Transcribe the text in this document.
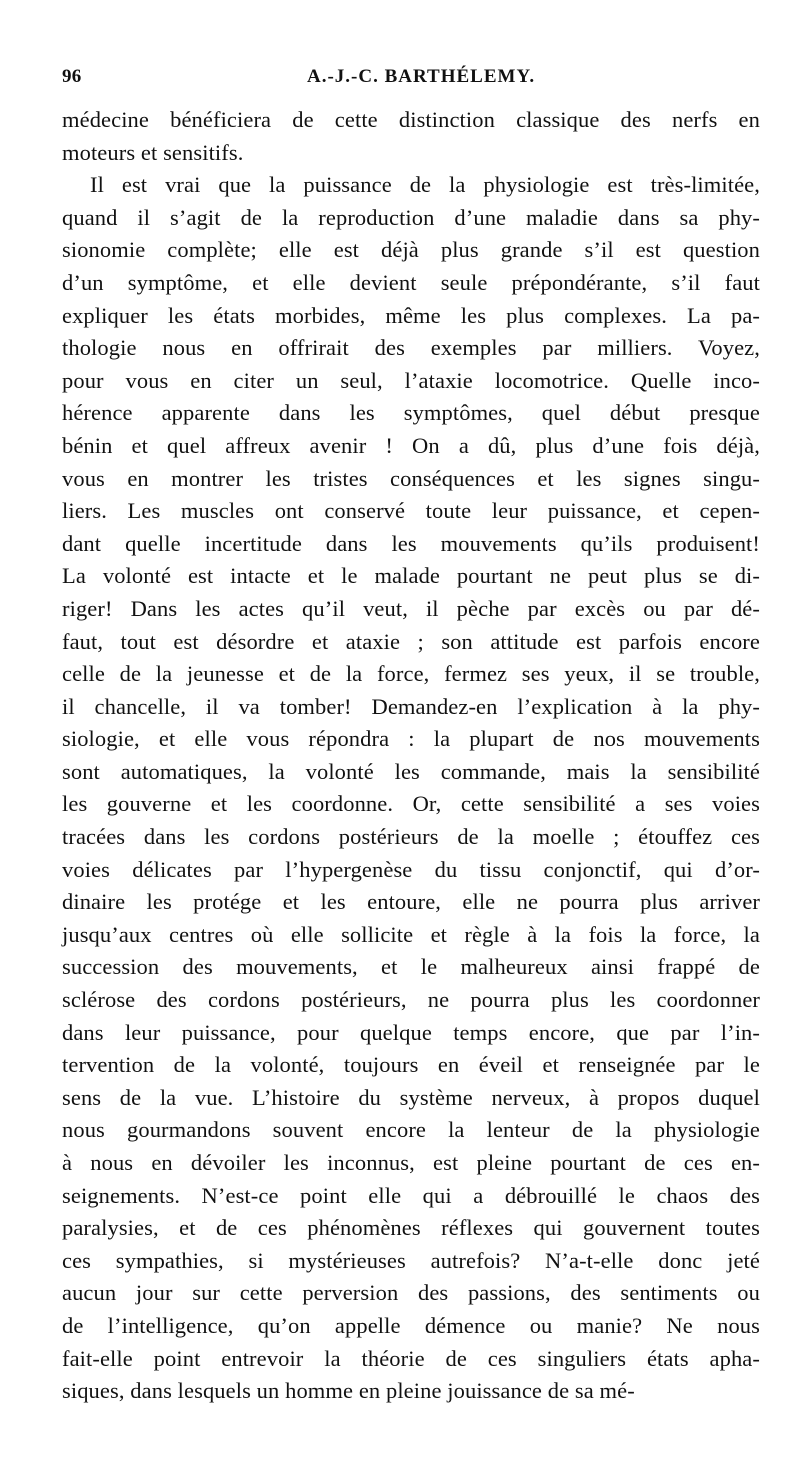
96	A.-J.-C. BARTHÉLEMY.
médecine bénéficiera de cette distinction classique des nerfs en
moteurs et sensitifs.
Il est vrai que la puissance de la physiologie est très-limitée,
quand il s’agit de la reproduction d’une maladie dans sa phy-
sionomie complète; elle est déjà plus grande s’il est question
d’un symptôme, et elle devient seule prépondérante, s’il faut
expliquer les états morbides, même les plus complexes. La pa-
thologie nous en offrirait des exemples par milliers. Voyez,
pour vous en citer un seul, l’ataxie locomotrice. Quelle inco-
hérence apparente dans les symptômes, quel début presque
bénin et quel affreux avenir ! On a dû, plus d’une fois déjà,
vous en montrer les tristes conséquences et les signes singu-
liers. Les muscles ont conservé toute leur puissance, et cepen-
dant quelle incertitude dans les mouvements qu’ils produisent!
La volonté est intacte et le malade pourtant ne peut plus se di-
riger! Dans les actes qu’il veut, il pèche par excès ou par dé-
faut, tout est désordre et ataxie ; son attitude est parfois encore
celle de la jeunesse et de la force, fermez ses yeux, il se trouble,
il chancelle, il va tomber! Demandez-en l’explication à la phy-
siologie, et elle vous répondra : la plupart de nos mouvements
sont automatiques, la volonté les commande, mais la sensibilité
les gouverne et les coordonne. Or, cette sensibilité a ses voies
tracées dans les cordons postérieurs de la moelle ; étouffez ces
voies délicates par l’hypergenèse du tissu conjonctif, qui d’or-
dinaire les protége et les entoure, elle ne pourra plus arriver
jusqu’aux centres où elle sollicite et règle à la fois la force, la
succession des mouvements, et le malheureux ainsi frappé de
sclérose des cordons postérieurs, ne pourra plus les coordonner
dans leur puissance, pour quelque temps encore, que par l’in-
tervention de la volonté, toujours en éveil et renseignée par le
sens de la vue. L’histoire du système nerveux, à propos duquel
nous gourmandons souvent encore la lenteur de la physiologie
à nous en dévoiler les inconnus, est pleine pourtant de ces en-
seignements. N’est-ce point elle qui a débrouillé le chaos des
paralysies, et de ces phénomènes réflexes qui gouvernent toutes
ces sympathies, si mystérieuses autrefois? N’a-t-elle donc jeté
aucun jour sur cette perversion des passions, des sentiments ou
de l’intelligence, qu’on appelle démence ou manie? Ne nous
fait-elle point entrevoir la théorie de ces singuliers états apha-
siques, dans lesquels un homme en pleine jouissance de sa mé-
